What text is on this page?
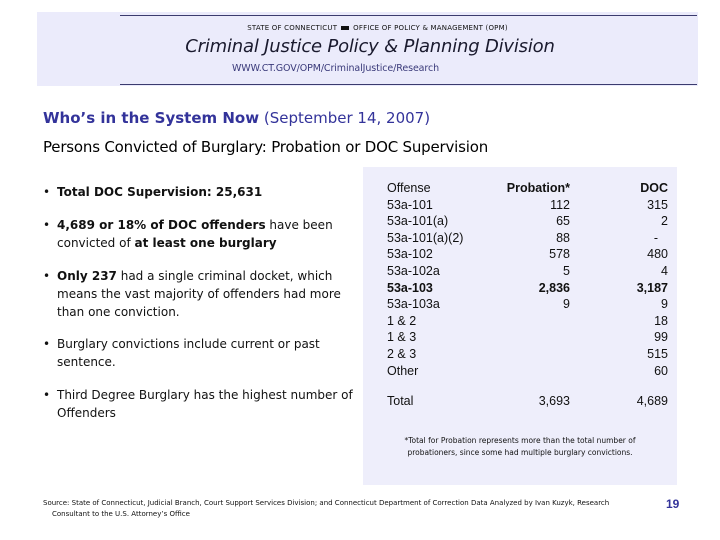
STATE OF CONNECTICUT OFFICE OF POLICY & MANAGEMENT (OPM)
Criminal Justice Policy & Planning Division
WWW.CT.GOV/OPM/CriminalJustice/Research
Who’s in the System Now (September 14, 2007)
Persons Convicted of Burglary: Probation or DOC Supervision
• Total DOC Supervision: 25,631
• 4,689 or 18% of DOC offenders have been convicted of at least one burglary
• Only 237 had a single criminal docket, which means the vast majority of offenders had more than one conviction.
• Burglary convictions include current or past sentence.
• Third Degree Burglary has the highest number of Offenders
Offense	Probation*	DOC
53a-101	112	315
53a-101(a)	65	2
53a-101(a)(2)	88	-
53a-102	578	480
53a-102a	5	4
53a-103	2,836	3,187
53a-103a	9	9
1 & 2		18
1 & 3		99
2 & 3		515
Other		60

Total	3,693	4,689
*Total for Probation represents more than the total number of
probationers, since some had multiple burglary convictions.
Source: State of Connecticut, Judicial Branch, Court Support Services Division; and Connecticut Department of Correction Data Analyzed by Ivan Kuzyk, Research
Consultant to the U.S. Attorney’s Office
19
